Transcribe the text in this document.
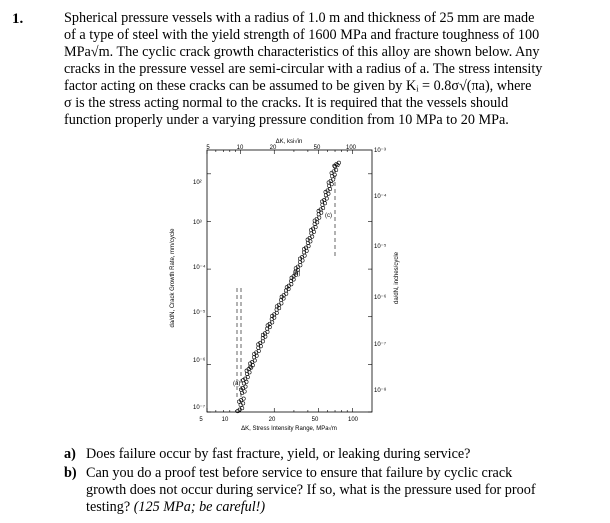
1.	Spherical pressure vessels with a radius of 1.0 m and thickness of 25 mm are made
of a type of steel with the yield strength of 1600 MPa and fracture toughness of 100
MPa√m. The cyclic crack growth characteristics of this alloy are shown below. Any
cracks in the pressure vessel are semi-circular with a radius of a. The stress intensity
factor acting on these cracks can be assumed to be given by Kᵢ = 0.8σ√(πa), where
σ is the stress acting normal to the cracks. It is required that the vessels should
function properly under a varying pressure condition from 10 MPa to 20 MPa.
ΔK, ksi√in
ΔK, Stress Intensity Range, MPa√m
da/dN, Crack Growth Rate, mm/cycle	da/dN, inches/cycle
5	10	20	50	100
5	10	20	50	100
10²
10³
10⁻⁴
10⁻⁵
10⁻⁶
10⁻⁷
10⁻³
10⁻⁴
10⁻⁵
10⁻⁶
10⁻⁷
10⁻⁸
(a)
(b)
(c)
a) Does failure occur by fast fracture, yield, or leaking during service?
b) Can you do a proof test before service to ensure that failure by cyclic crack
growth does not occur during service? If so, what is the pressure used for proof
testing? (125 MPa; be careful!)
